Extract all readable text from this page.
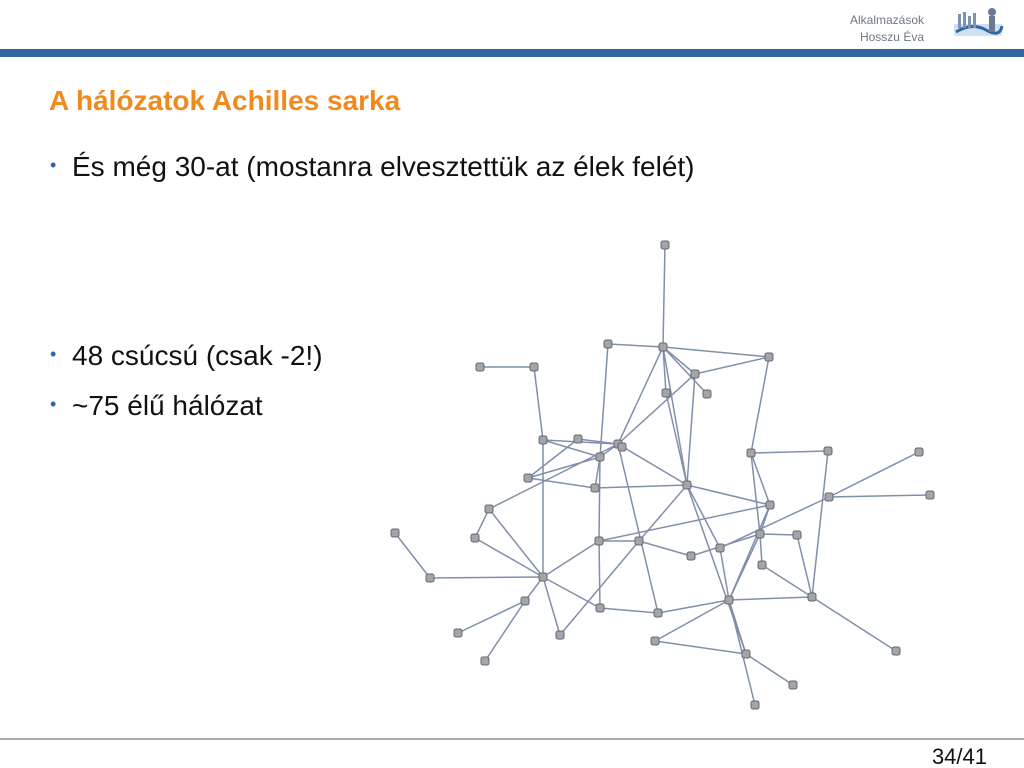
Alkalmazások
Hosszu Éva
A hálózatok Achilles sarka
• És még 30-at (mostanra elvesztettük az élek felét)
• 48 csúcsú (csak -2!)
• ~75 élű hálózat
34/41
